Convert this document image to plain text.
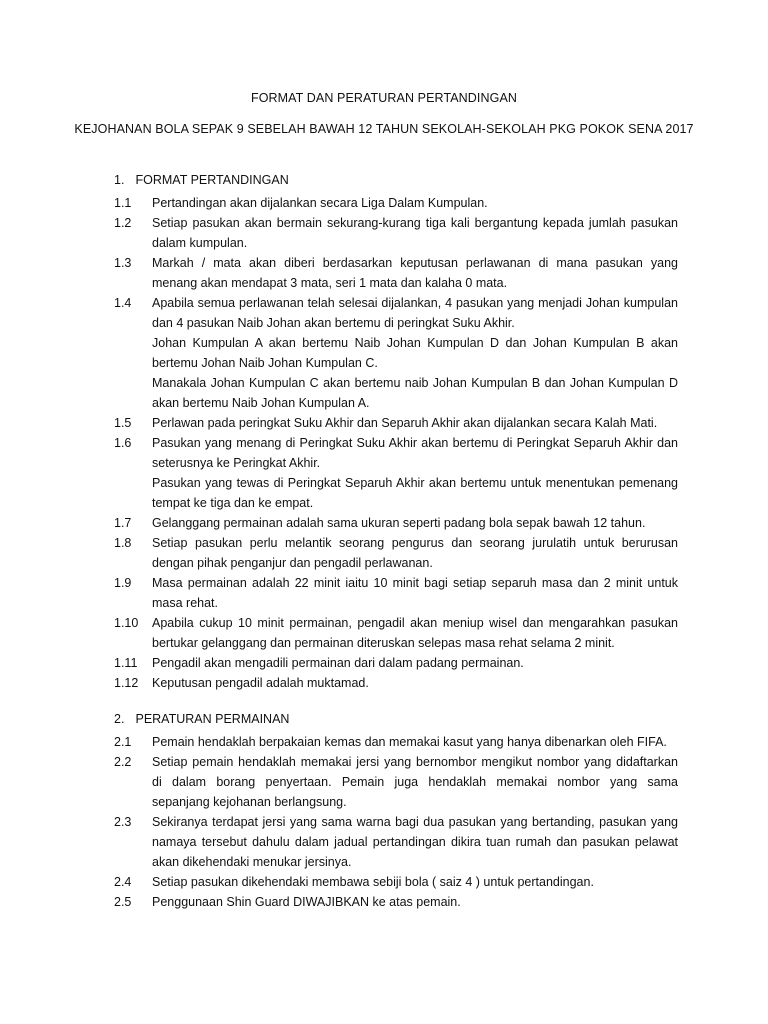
FORMAT DAN PERATURAN PERTANDINGAN
KEJOHANAN BOLA SEPAK 9 SEBELAH BAWAH 12 TAHUN SEKOLAH-SEKOLAH PKG POKOK SENA 2017
1. FORMAT PERTANDINGAN
2. PERATURAN PERMAINAN
1.1	Pertandingan akan dijalankan secara Liga Dalam Kumpulan.
1.2	Setiap pasukan akan bermain sekurang-kurang tiga kali bergantung kepada jumlah pasukan
dalam kumpulan.
1.3	Markah / mata akan diberi berdasarkan keputusan perlawanan di mana pasukan yang
menang akan mendapat 3 mata, seri 1 mata dan kalaha 0 mata.
1.4	Apabila semua perlawanan telah selesai dijalankan, 4 pasukan yang menjadi Johan kumpulan
dan 4 pasukan Naib Johan akan bertemu di peringkat Suku Akhir.
Johan Kumpulan A akan bertemu Naib Johan Kumpulan D dan Johan Kumpulan B akan
bertemu Johan Naib Johan Kumpulan C.
Manakala Johan Kumpulan C akan bertemu naib Johan Kumpulan B dan Johan Kumpulan D
akan bertemu Naib Johan Kumpulan A.
1.5	Perlawan pada peringkat Suku Akhir dan Separuh Akhir akan dijalankan secara Kalah Mati.
1.6	Pasukan yang menang di Peringkat Suku Akhir akan bertemu di Peringkat Separuh Akhir dan
seterusnya ke Peringkat Akhir.
Pasukan yang tewas di Peringkat Separuh Akhir akan bertemu untuk menentukan pemenang
tempat ke tiga dan ke empat.
1.7	Gelanggang permainan adalah sama ukuran seperti padang bola sepak bawah 12 tahun.
1.8	Setiap pasukan perlu melantik seorang pengurus dan seorang jurulatih untuk berurusan
dengan pihak penganjur dan pengadil perlawanan.
1.9	Masa permainan adalah 22 minit iaitu 10 minit bagi setiap separuh masa dan 2 minit untuk
masa rehat.
1.10	Apabila cukup 10 minit permainan, pengadil akan meniup wisel dan mengarahkan pasukan
bertukar gelanggang dan permainan diteruskan selepas masa rehat selama 2 minit.
1.11	Pengadil akan mengadili permainan dari dalam padang permainan.
1.12	Keputusan pengadil adalah muktamad.
2.1	Pemain hendaklah berpakaian kemas dan memakai kasut yang hanya dibenarkan oleh FIFA.
2.2	Setiap pemain hendaklah memakai jersi yang bernombor mengikut nombor yang didaftarkan
di dalam borang penyertaan. Pemain juga hendaklah memakai nombor yang sama
sepanjang kejohanan berlangsung.
2.3	Sekiranya terdapat jersi yang sama warna bagi dua pasukan yang bertanding, pasukan yang
namaya tersebut dahulu dalam jadual pertandingan dikira tuan rumah dan pasukan pelawat
akan dikehendaki menukar jersinya.
2.4	Setiap pasukan dikehendaki membawa sebiji bola ( saiz 4 ) untuk pertandingan.
2.5	Penggunaan Shin Guard DIWAJIBKAN ke atas pemain.
